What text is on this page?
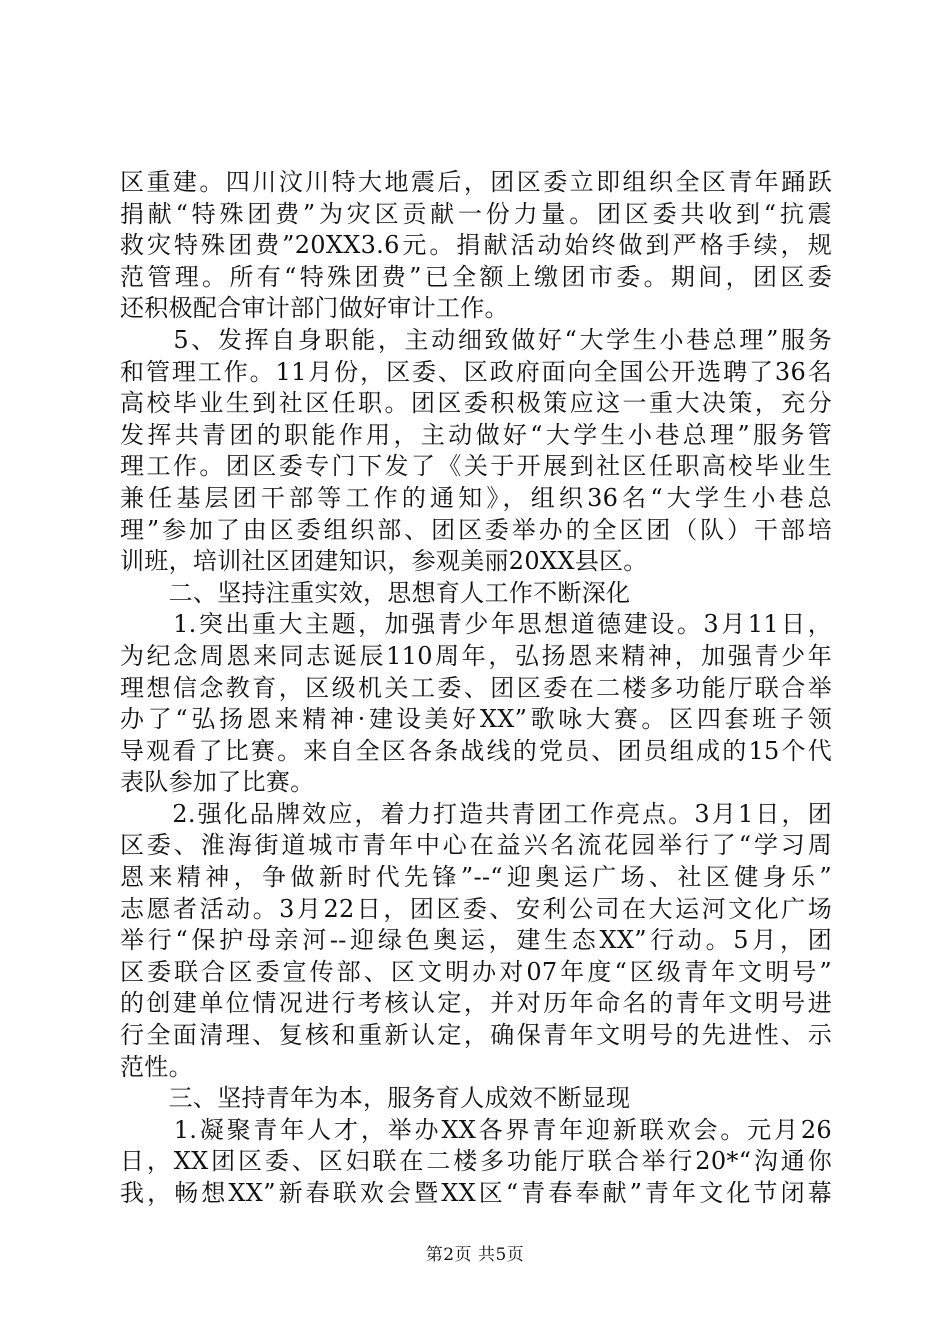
区重建。四川汶川特大地震后，团区委立即组织全区青年踊跃
捐献“特殊团费”为灾区贡献一份力量。团区委共收到“抗震
救灾特殊团费”20XX3.6元。捐献活动始终做到严格手续，规
范管理。所有“特殊团费”已全额上缴团市委。期间，团区委
还积极配合审计部门做好审计工作。
　　5、发挥自身职能，主动细致做好“大学生小巷总理”服务
和管理工作。11月份，区委、区政府面向全国公开选聘了36名
高校毕业生到社区任职。团区委积极策应这一重大决策，充分
发挥共青团的职能作用，主动做好“大学生小巷总理”服务管
理工作。团区委专门下发了《关于开展到社区任职高校毕业生
兼任基层团干部等工作的通知》，组织36名“大学生小巷总
理”参加了由区委组织部、团区委举办的全区团（队）干部培
训班，培训社区团建知识，参观美丽20XX县区。
　　二、坚持注重实效，思想育人工作不断深化
　　1.突出重大主题，加强青少年思想道德建设。3月11日，
为纪念周恩来同志诞辰110周年，弘扬恩来精神，加强青少年
理想信念教育，区级机关工委、团区委在二楼多功能厅联合举
办了“弘扬恩来精神·建设美好XX”歌咏大赛。区四套班子领
导观看了比赛。来自全区各条战线的党员、团员组成的15个代
表队参加了比赛。
　　2.强化品牌效应，着力打造共青团工作亮点。3月1日，团
区委、淮海街道城市青年中心在益兴名流花园举行了“学习周
恩来精神，争做新时代先锋”--“迎奥运广场、社区健身乐”
志愿者活动。3月22日，团区委、安利公司在大运河文化广场
举行“保护母亲河--迎绿色奥运，建生态XX”行动。5月，团
区委联合区委宣传部、区文明办对07年度“区级青年文明号”
的创建单位情况进行考核认定，并对历年命名的青年文明号进
行全面清理、复核和重新认定，确保青年文明号的先进性、示
范性。
　　三、坚持青年为本，服务育人成效不断显现
　　1.凝聚青年人才，举办XX各界青年迎新联欢会。元月26
日，XX团区委、区妇联在二楼多功能厅联合举行20*“沟通你
我，畅想XX”新春联欢会暨XX区“青春奉献”青年文化节闭幕
第2页 共5页
